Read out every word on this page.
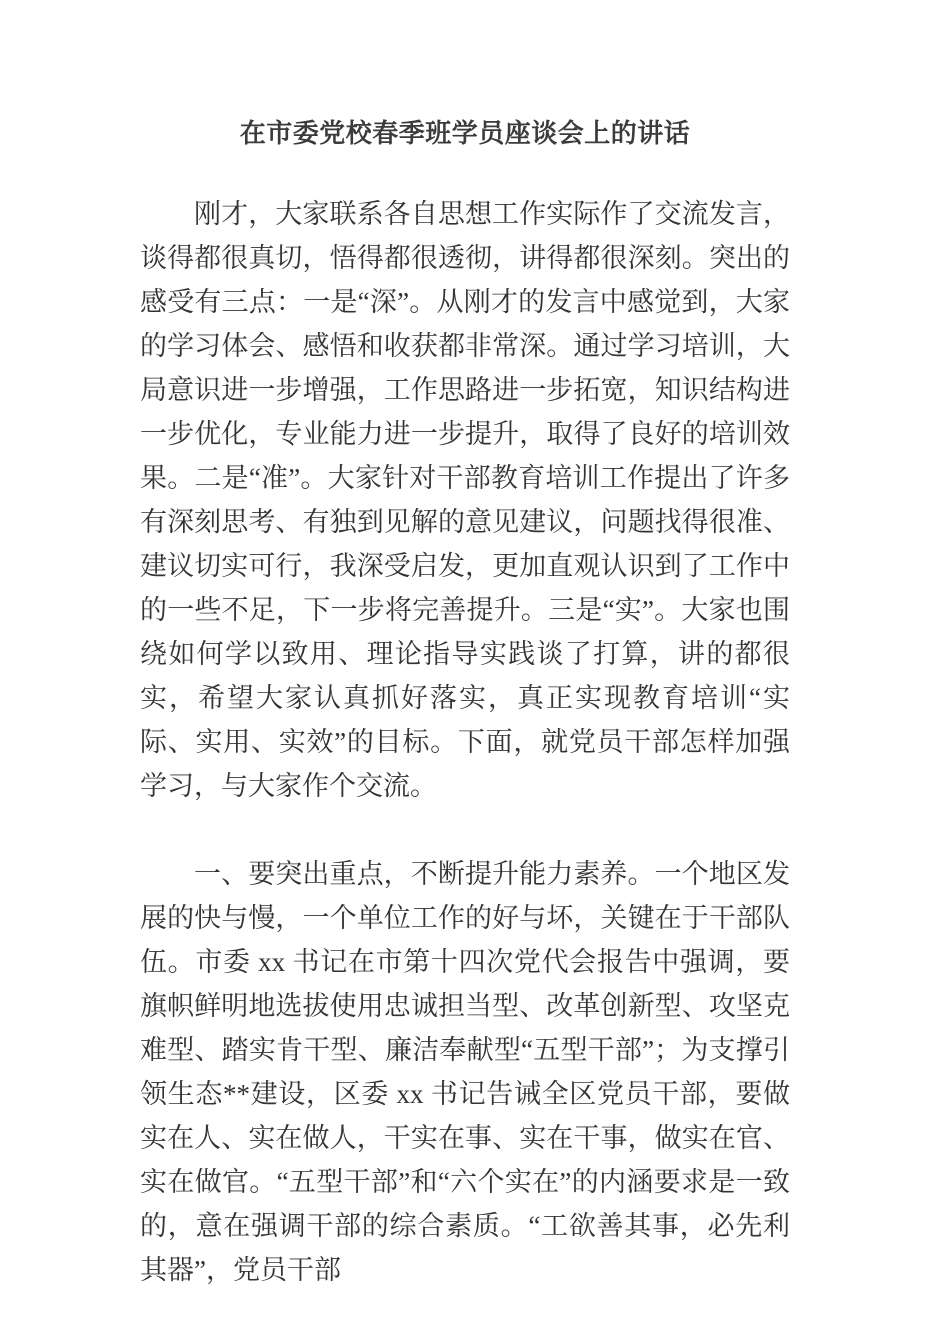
在市委党校春季班学员座谈会上的讲话

刚才，大家联系各自思想工作实际作了交流发言，谈得都很真切，悟得都很透彻，讲得都很深刻。突出的感受有三点：一是“深”。从刚才的发言中感觉到，大家的学习体会、感悟和收获都非常深。通过学习培训，大局意识进一步增强，工作思路进一步拓宽，知识结构进一步优化，专业能力进一步提升，取得了良好的培训效果。二是“准”。大家针对干部教育培训工作提出了许多有深刻思考、有独到见解的意见建议，问题找得很准、建议切实可行，我深受启发，更加直观认识到了工作中的一些不足，下一步将完善提升。三是“实”。大家也围绕如何学以致用、理论指导实践谈了打算，讲的都很实，希望大家认真抓好落实，真正实现教育培训“实际、实用、实效”的目标。下面，就党员干部怎样加强学习，与大家作个交流。

一、要突出重点，不断提升能力素养。一个地区发展的快与慢，一个单位工作的好与坏，关键在于干部队伍。市委 xx 书记在市第十四次党代会报告中强调，要旗帜鲜明地选拔使用忠诚担当型、改革创新型、攻坚克难型、踏实肯干型、廉洁奉献型“五型干部”；为支撑引领生态**建设，区委 xx 书记告诫全区党员干部，要做实在人、实在做人，干实在事、实在干事，做实在官、实在做官。“五型干部”和“六个实在”的内涵要求是一致的，意在强调干部的综合素质。“工欲善其事，必先利其器”，党员干部
